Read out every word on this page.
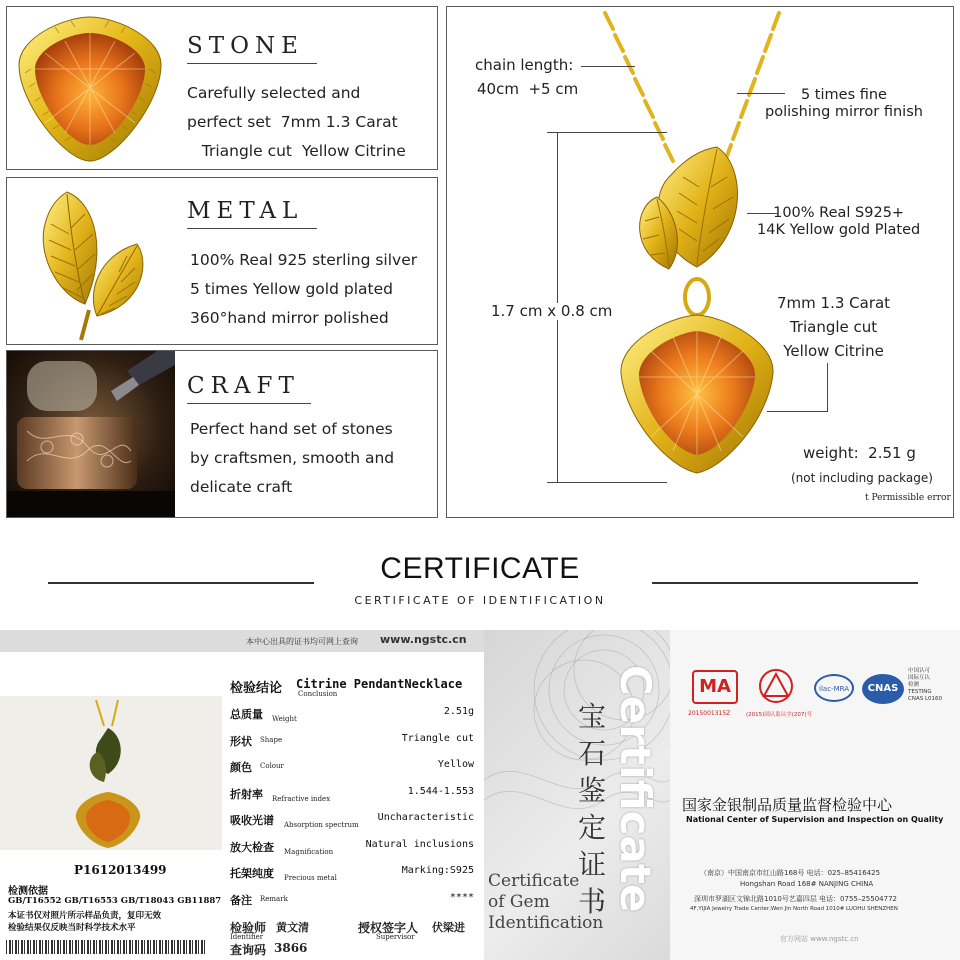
STONE
Carefully selected and
perfect set  7mm 1.3 Carat
Triangle cut  Yellow Citrine
METAL
100% Real 925 sterling silver
5 times Yellow gold plated
360°hand mirror polished
CRAFT
Perfect hand set of stones
by craftsmen, smooth and
delicate craft
chain length:
40cm  +5 cm	5 times fine
polishing mirror finish
100% Real S925+
14K Yellow gold Plated
1.7 cm x 0.8 cm	7mm 1.3 Carat
Triangle cut
Yellow Citrine
weight:  2.51 g
(not including package)
t Permissible error
CERTIFICATE
CERTIFICATE OF IDENTIFICATION
本中心出具的证书均可网上查询 www.ngstc.cn
P1612013499
检测依据
GB/T16552 GB/T16553 GB/T18043 GB11887
本证书仅对照片所示样品负责，复印无效
检验结果仅反映当时科学技术水平
检验结论 Conclusion
Citrine PendantNecklace
检验师 黄文清
Identifier
授权签字人 伏梁进
Supervisor
查询码 3866
宝石鉴定证书 Certificate
Certificate
of Gem
Identification
MA	ilac-MRA	CNAS
中国认可
国际互认
检测
TESTING
CNAS L0160
2015001315Z	(2015)国认监认字(207)号
国家金银制品质量监督检验中心
National Center of Supervision and Inspection on Quality
（南京）中国南京市红山路168号 电话：025–85416425
Hongshan Road 168# NANJING CHINA
深圳市罗湖区文锦北路1010号艺嘉四层 电话：0755–25504772
4F,YIJIA Jewelry Trade Center,Wen Jin North Road 1010# LUOHU SHENZHEN
官方网站 www.ngstc.cn
总质量 Weight
2.51g
形状 Shape	Triangle cut
颜色 Colour	Yellow
折射率 Refractive index
1.544-1.553
吸收光谱 Absorption spectrum
Uncharacteristic
放大检查 Magnification
Natural inclusions
托架纯度 Precious metal
Marking:S925
备注 Remark	****
